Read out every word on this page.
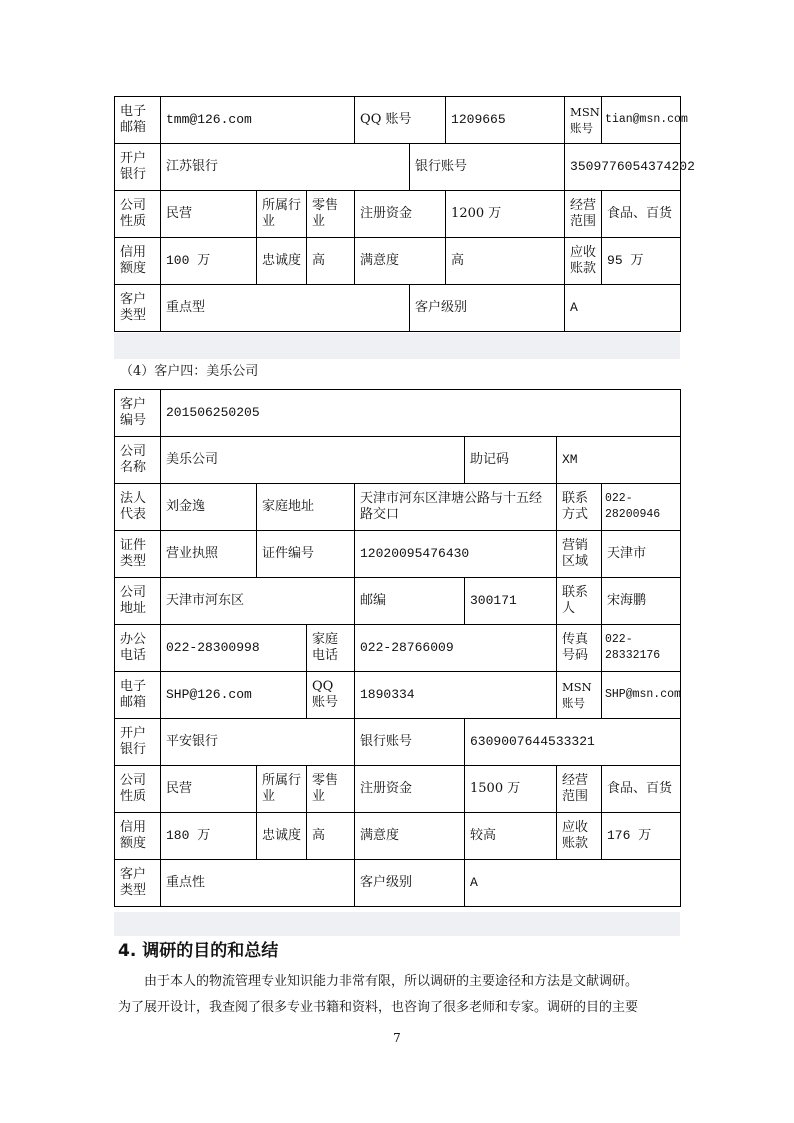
电子邮箱	tmm@126.com			QQ 账号		1209665	MSN 账号	tian@msn.com
开户银行	江苏银行				银行账号		3509776054374202	
公司性质	民营	所属行业	零售业	注册资金		1200 万	经营范围	食品、百货
信用额度	100 万	忠诚度	高	满意度		高	应收账款	95 万
客户类型	重点型				客户级别		A	
（4）客户四：美乐公司
客户编号	201506250205						
公司名称	美乐公司				助记码	XM	
法人代表	刘金逸	家庭地址		天津市河东区津塘公路与十五经路交口		联系方式	022-28200946
证件类型	营业执照	证件编号		12020095476430		营销区域	天津市
公司地址	天津市河东区			邮编	300171	联系人	宋海鹏
办公电话	022-28300998		家庭电话	022-28766009		传真号码	022-28332176
电子邮箱	SHP@126.com		QQ 账号	1890334		MSN 账号	SHP@msn.com
开户银行	平安银行			银行账号	6309007644533321		
公司性质	民营	所属行业	零售业	注册资金	1500 万	经营范围	食品、百货
信用额度	180 万	忠诚度	高	满意度	较高	应收账款	176 万
客户类型	重点性			客户级别	A		
4. 调研的目的和总结
由于本人的物流管理专业知识能力非常有限，所以调研的主要途径和方法是文献调研。
为了展开设计，我查阅了很多专业书籍和资料，也咨询了很多老师和专家。调研的目的主要
7
